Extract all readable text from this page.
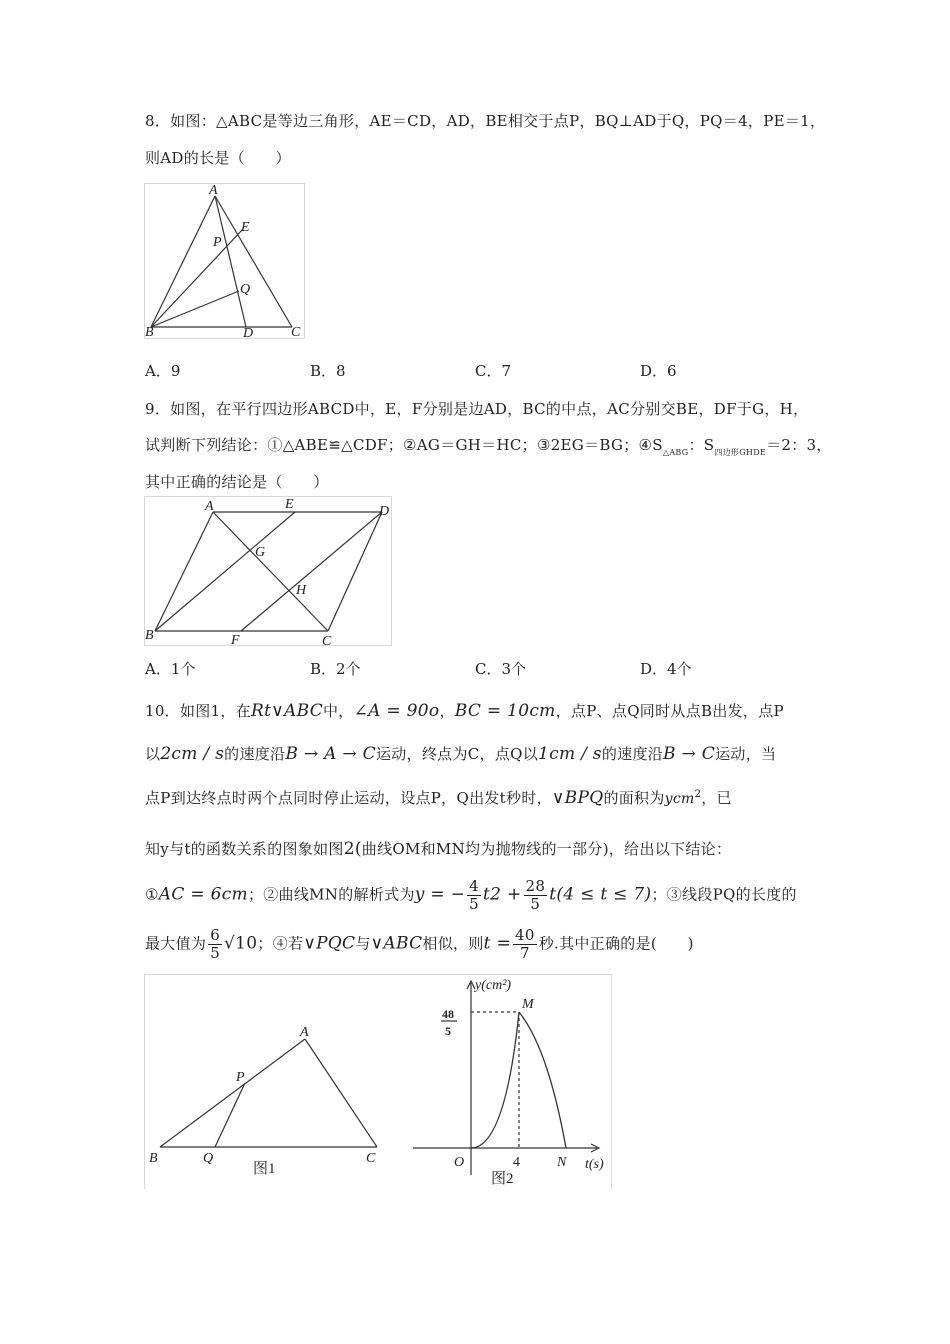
8．如图：△ABC是等边三角形，AE＝CD，AD，BE相交于点P，BQ⊥AD于Q，PQ＝4，PE＝1，
则AD的长是（　　）
A
E
P
Q
B	D	C
A．9	B．8	C．7	D．6
9．如图，在平行四边形ABCD中，E，F分别是边AD，BC的中点，AC分别交BE，DF于G，H，
试判断下列结论：①△ABE≌△CDF；②AG＝GH＝HC；③2EG＝BG；$④S_{\triangle ABG}$：$S_{四边形GHDE}=2$：3，
其中正确的结论是（　　）
A	E	D
G
H
B	F	C
A．1个	B．2个	C．3个	D．4个
10．如图1，在Rt∨ABC中，∠A = 90o，BC = 10cm，点P、点Q同时从点B出发，点P
以2cm / s的速度沿B → A → C运动，终点为C，点Q以1cm / s的速度沿B → C运动，当
点P到达终点时两个点同时停止运动，设点P，Q出发t秒时，∨BPQ的面积为ycm$^2$，已
知y与t的函数关系的图象如图2(曲线OM和MN均为抛物线的一部分)，给出以下结论：
①AC = 6cm；②曲线MN的解析式为y = − $\frac{4}{5} t2 + \frac{28}{5} t(4 \le t \le 7)$；③线段PQ的长度的
最大值为 $\frac{6}{5} √10$；④若∨PQC与∨ABC相似，则$t = \frac{40}{7}$ 秒.其中正确的是(　　)
A
P
B	Q	C
图1
y(cm²)
48
5
M
O	4	N t(s)
图2
